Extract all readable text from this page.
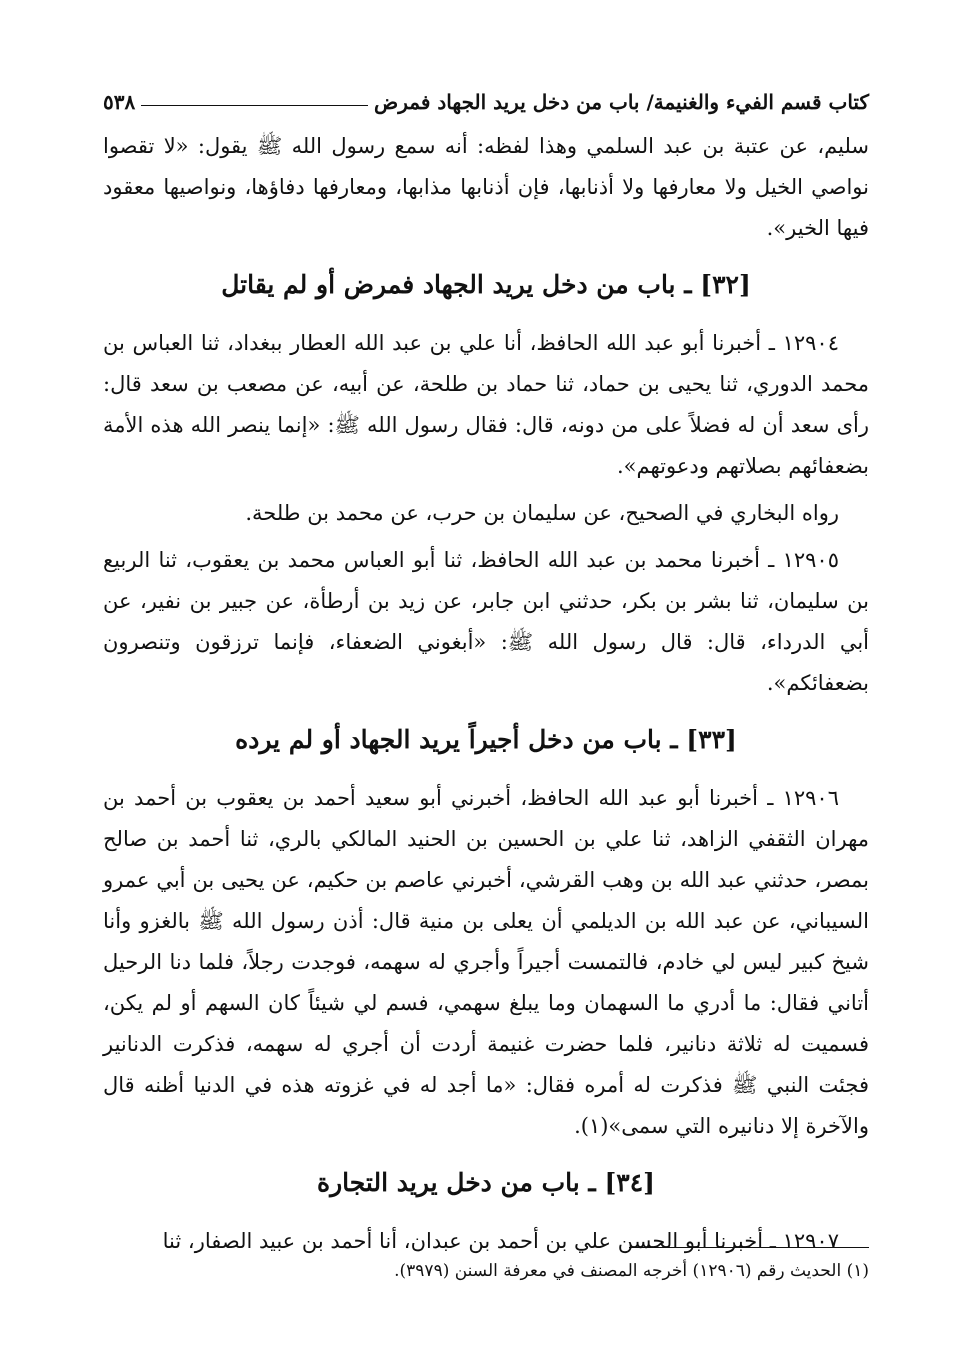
كتاب قسم الفيء والغنيمة/ باب من دخل يريد الجهاد فمرض
٥٣٨

سليم، عن عتبة بن عبد السلمي وهذا لفظه: أنه سمع رسول الله ﷺ يقول: «لا تقصوا نواصي الخيل ولا معارفها ولا أذنابها، فإن أذنابها مذابها، ومعارفها دفاؤها، ونواصيها معقود فيها الخير».

[٣٢] ـ باب من دخل يريد الجهاد فمرض أو لم يقاتل

١٢٩٠٤ ـ أخبرنا أبو عبد الله الحافظ، أنا علي بن عبد الله العطار ببغداد، ثنا العباس بن محمد الدوري، ثنا يحيى بن حماد، ثنا حماد بن طلحة، عن أبيه، عن مصعب بن سعد قال: رأى سعد أن له فضلاً على من دونه، قال: فقال رسول الله ﷺ: «إنما ينصر الله هذه الأمة بضعفائهم بصلاتهم ودعوتهم».

رواه البخاري في الصحيح، عن سليمان بن حرب، عن محمد بن طلحة.

١٢٩٠٥ ـ أخبرنا محمد بن عبد الله الحافظ، ثنا أبو العباس محمد بن يعقوب، ثنا الربيع بن سليمان، ثنا بشر بن بكر، حدثني ابن جابر، عن زيد بن أرطأة، عن جبير بن نفير، عن أبي الدرداء، قال: قال رسول الله ﷺ: «أبغوني الضعفاء، فإنما ترزقون وتنصرون بضعفائكم».

[٣٣] ـ باب من دخل أجيراً يريد الجهاد أو لم يرده

١٢٩٠٦ ـ أخبرنا أبو عبد الله الحافظ، أخبرني أبو سعيد أحمد بن يعقوب بن أحمد بن مهران الثقفي الزاهد، ثنا علي بن الحسين بن الحنيد المالكي بالري، ثنا أحمد بن صالح بمصر، حدثني عبد الله بن وهب القرشي، أخبرني عاصم بن حكيم، عن يحيى بن أبي عمرو السيباني، عن عبد الله بن الديلمي أن يعلى بن منية قال: أذن رسول الله ﷺ بالغزو وأنا شيخ كبير ليس لي خادم، فالتمست أجيراً وأجري له سهمه، فوجدت رجلاً، فلما دنا الرحيل أتاني فقال: ما أدري ما السهمان وما يبلغ سهمي، فسم لي شيئاً كان السهم أو لم يكن، فسميت له ثلاثة دنانير، فلما حضرت غنيمة أردت أن أجري له سهمه، فذكرت الدنانير فجئت النبي ﷺ فذكرت له أمره فقال: «ما أجد له في غزوته هذه في الدنيا أظنه قال والآخرة إلا دنانيره التي سمى»(١).

[٣٤] ـ باب من دخل يريد التجارة

١٢٩٠٧ ـ أخبرنا أبو الحسن علي بن أحمد بن عبدان، أنا أحمد بن عبيد الصفار، ثنا

(١) الحديث رقم (١٢٩٠٦) أخرجه المصنف في معرفة السنن (٣٩٧٩).
